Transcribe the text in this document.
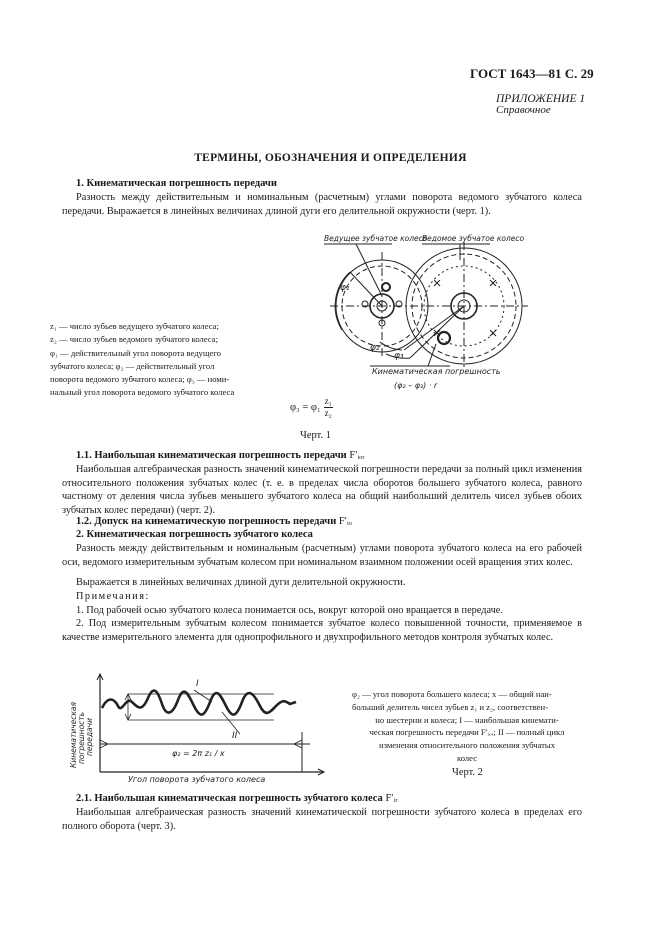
ГОСТ 1643—81 С. 29
ПРИЛОЖЕНИЕ 1
Справочное
ТЕРМИНЫ, ОБОЗНАЧЕНИЯ И ОПРЕДЕЛЕНИЯ
1. Кинематическая погрешность передачи
Разность между действительным и номинальным (расчетным) углами поворота ведомого зубчатого колеса передачи. Выражается в линейных величинах длиной дуги его делительной окружности (черт. 1).
Ведущее зубчатое колесо
Ведомое зубчатое колесо
φ₁
φ₂
φ₃
Кинематическая погрешность
(φ₂ – φ₃) · r
z₁ — число зубьев ведущего зубчатого колеса;
z₂ — число зубьев ведомого зубчатого колеса;
φ₁ — действительный угол поворота ведущего
зубчатого колеса; φ₂ — действительный угол
поворота ведомого зубчатого колеса; φ₃ — номи-
нальный угол поворота ведомого зубчатого колеса
$\varphi_3 = \varphi_1 \frac{\text{z₁}}{\text{z₂}}$
Черт. 1
1.1. Наибольшая кинематическая погрешность передачи F′ᵢₒᵣ
Наибольшая алгебраическая разность значений кинематической погрешности передачи за полный цикл изменения относительного положения зубчатых колес (т. е. в пределах числа оборотов большего зубчатого колеса, равного частному от деления числа зубьев меньшего зубчатого колеса на общий наибольший делитель чисел зубьев обоих зубчатых колес передачи) (черт. 2).
1.2. Допуск на кинематическую погрешность передачи F′ᵢₒ
2. Кинематическая погрешность зубчатого колеса
Разность между действительным и номинальным (расчетным) углами поворота зубчатого колеса на его рабочей оси, ведомого измерительным зубчатым колесом при номинальном взаимном положении осей вращения этих колес.
Выражается в линейных величинах длиной дуги делительной окружности.
Примечания:
1. Под рабочей осью зубчатого колеса понимается ось, вокруг которой оно вращается в передаче.
2. Под измерительным зубчатым колесом понимается зубчатое колесо повышенной точности, применяемое в качестве измерительного элемента для однопрофильного и двухпрофильного методов контроля зубчатых колес.
I
II
φ₂ = 2π z₁ / x
Угол поворота зубчатого колеса
Кинематическая погрешность передачи
φ₂ — угол поворота большего колеса; x — общий наи-
больший делитель чисел зубьев z₁ и z₂, соответствен-
но шестерни и колеса; I — наибольшая кинемати-
ческая погрешность передачи F′ᵢₒᵣ; II — полный цикл
изменения относительного положения зубчатых
колес
Черт. 2
2.1. Наибольшая кинематическая погрешность зубчатого колеса F′ᵢᵣ
Наибольшая алгебраическая разность значений кинематической погрешности зубчатого колеса в пределах его полного оборота (черт. 3).
